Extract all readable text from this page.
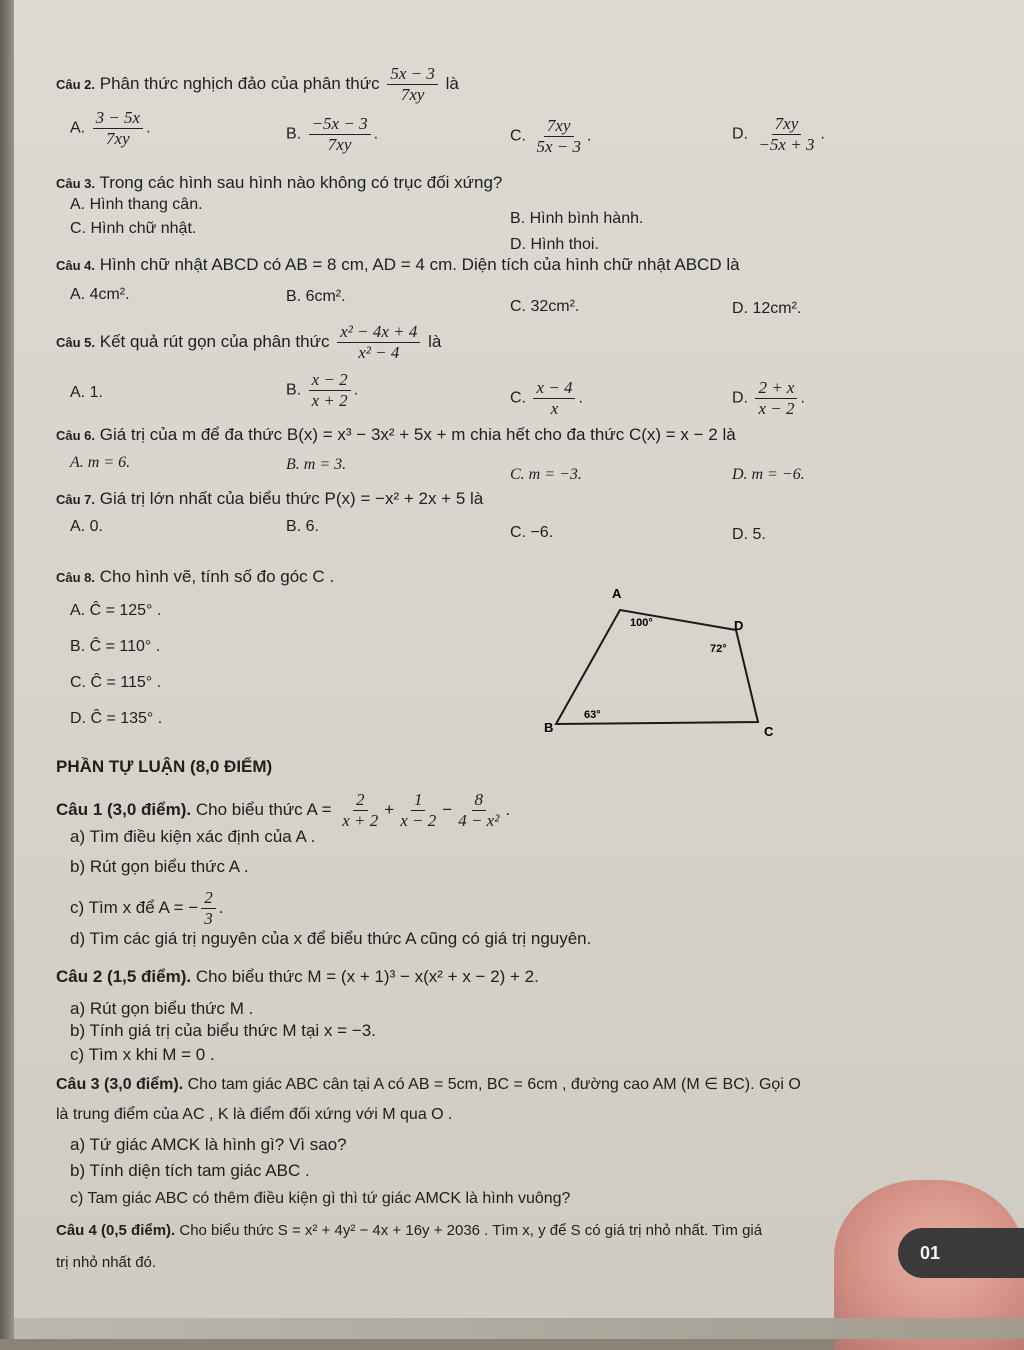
Câu 2. Phân thức nghịch đảo của phân thức $\frac{5x - 3}{7xy}$ là
A. $\frac{3 - 5x}{7xy}$ .	B. $\frac{-5x - 3}{7xy}$ .	C. $\frac{7xy}{5x - 3}$ .	D. $\frac{7xy}{-5x + 3}$ .
Câu 3. Trong các hình sau hình nào không có trục đối xứng?
A. Hình thang cân.
B. Hình bình hành.
C. Hình chữ nhật.
D. Hình thoi.
Câu 4. Hình chữ nhật ABCD có AB = 8 cm, AD = 4 cm. Diện tích của hình chữ nhật ABCD là
A. 4cm².	B. 6cm².
C. 32cm².	D. 12cm².
Câu 5. Kết quả rút gọn của phân thức $\frac{\text{x² − 4x + 4}}{\text{x² − 4}}$ là
A. 1.	B. $\frac{x - 2}{x + 2}$ .	C. $\frac{x - 4}{x}$ .	D. $\frac{2 + x}{x - 2}$ .
Câu 6. Giá trị của m để đa thức B(x) = x³ − 3x² + 5x + m chia hết cho đa thức C(x) = x − 2 là
A. m = 6.	B. m = 3.
C. m = −3.	D. m = −6.
Câu 7. Giá trị lớn nhất của biểu thức P(x) = −x² + 2x + 5 là
A. 0.	B. 6.	C. −6.	D. 5.
Câu 8. Cho hình vẽ, tính số đo góc C .
A. Ĉ = 125° .
B. Ĉ = 110° .
C. Ĉ = 115° .
D. Ĉ = 135° .
A
D
C
B
100°
72°
63°
PHẦN TỰ LUẬN (8,0 ĐIỂM)
Câu 1 (3,0 điểm). Cho biểu thức $A = \frac{2}{x + 2} + \frac{1}{x - 2} - \frac{8}{\text{4 − x²}}$ .
a) Tìm điều kiện xác định của A .
b) Rút gọn biểu thức A .
c) Tìm x để A = − $\frac{2}{3}$ .
d) Tìm các giá trị nguyên của x để biểu thức A cũng có giá trị nguyên.
Câu 2 (1,5 điểm). Cho biểu thức M = (x + 1)³ − x(x² + x − 2) + 2.
a) Rút gọn biểu thức M .
b) Tính giá trị của biểu thức M tại x = −3.
c) Tìm x khi M = 0 .
Câu 3 (3,0 điểm). Cho tam giác ABC cân tại A có AB = 5cm, BC = 6cm , đường cao AM (M ∈ BC). Gọi O
là trung điểm của AC , K là điểm đối xứng với M qua O .
a) Tứ giác AMCK là hình gì? Vì sao?
b) Tính diện tích tam giác ABC .
c) Tam giác ABC có thêm điều kiện gì thì tứ giác AMCK là hình vuông?
Câu 4 (0,5 điểm). Cho biểu thức S = x² + 4y² − 4x + 16y + 2036 . Tìm x, y để S có giá trị nhỏ nhất. Tìm giá
trị nhỏ nhất đó.	01
